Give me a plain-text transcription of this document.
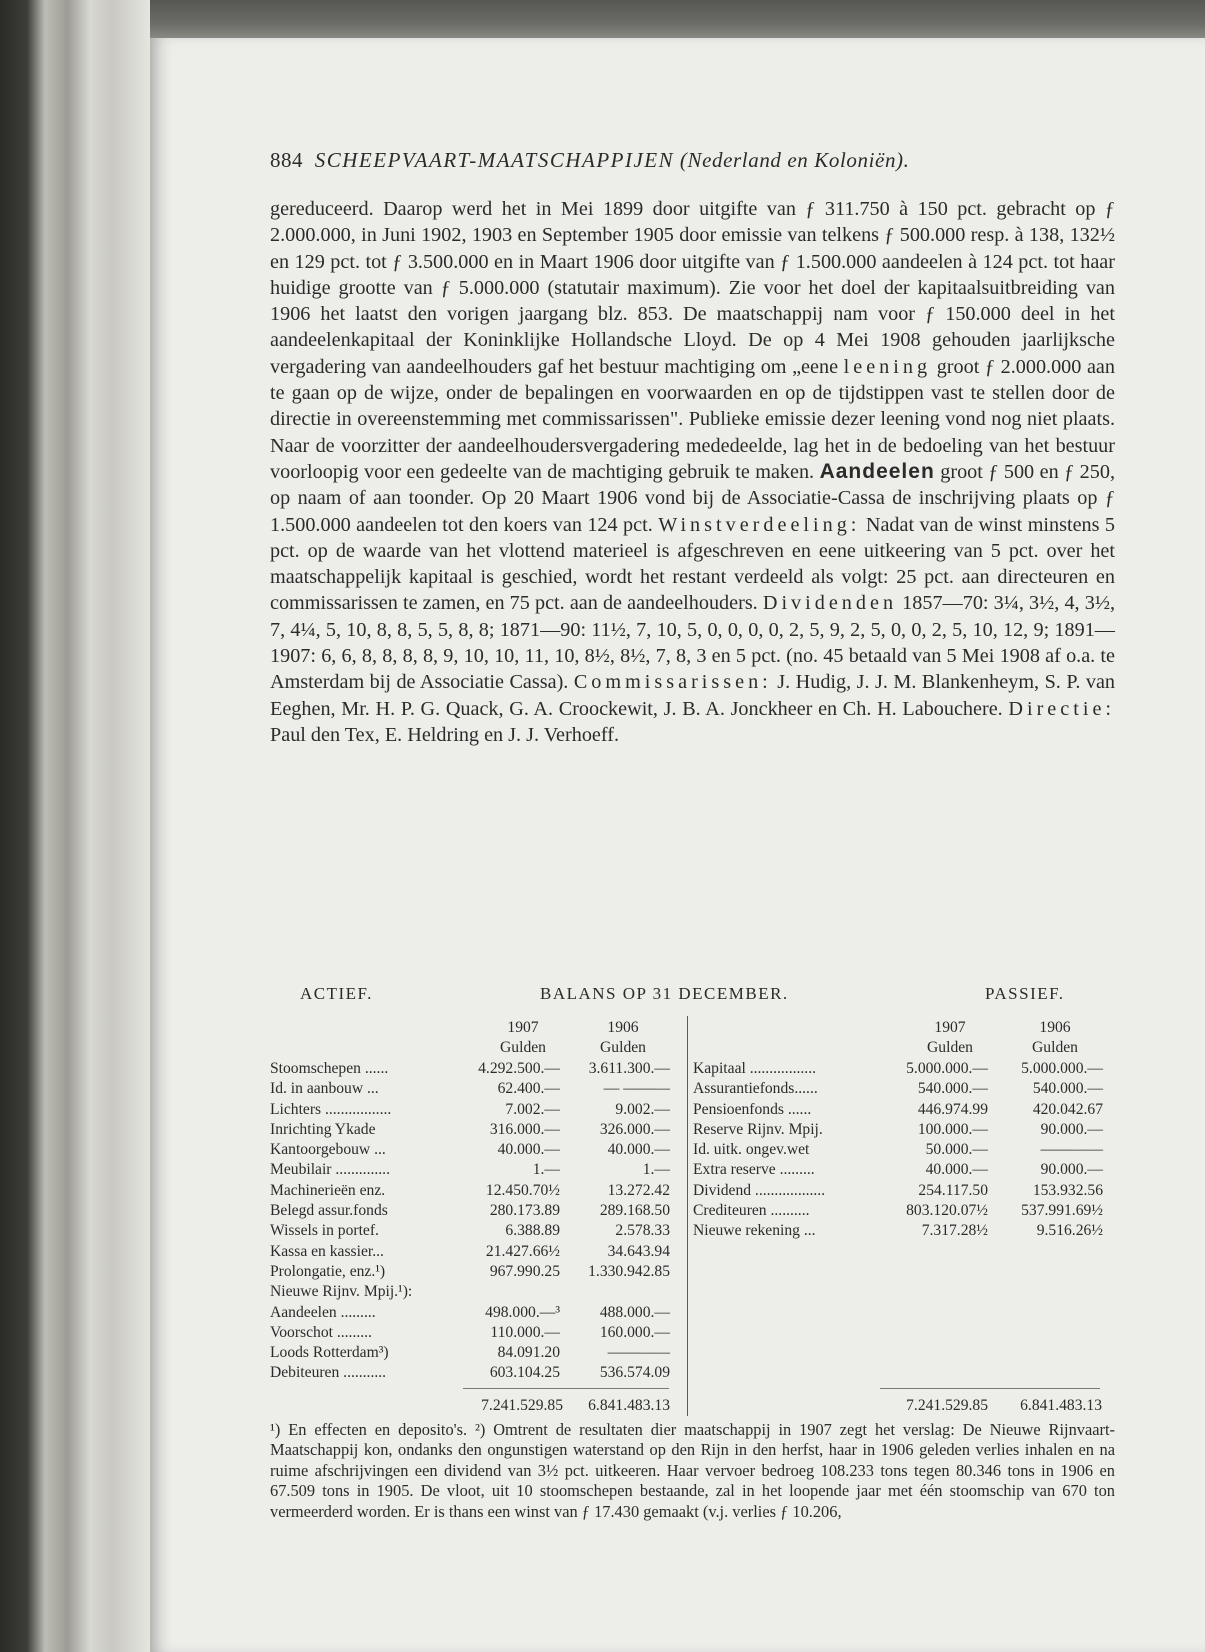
884 SCHEEPVAART-MAATSCHAPPIJEN (Nederland en Koloniën).

gereduceerd. Daarop werd het in Mei 1899 door uitgifte van ƒ 311.750 à 150 pct. gebracht op ƒ 2.000.000, in Juni 1902, 1903 en September 1905 door emissie van telkens ƒ 500.000 resp. à 138, 132½ en 129 pct. tot ƒ 3.500.000 en in Maart 1906 door uitgifte van ƒ 1.500.000 aandeelen à 124 pct. tot haar huidige grootte van ƒ 5.000.000 (statutair maximum). Zie voor het doel der kapitaalsuitbreiding van 1906 het laatst den vorigen jaargang blz. 853. De maatschappij nam voor ƒ 150.000 deel in het aandeelenkapitaal der Koninklijke Hollandsche Lloyd. De op 4 Mei 1908 gehouden jaarlijksche vergadering van aandeelhouders gaf het bestuur machtiging om „eene leening groot ƒ 2.000.000 aan te gaan op de wijze, onder de bepalingen en voorwaarden en op de tijdstippen vast te stellen door de directie in overeenstemming met commissarissen". Publieke emissie dezer leening vond nog niet plaats. Naar de voorzitter der aandeelhoudersvergadering mededeelde, lag het in de bedoeling van het bestuur voorloopig voor een gedeelte van de machtiging gebruik te maken. Aandeelen groot ƒ 500 en ƒ 250, op naam of aan toonder. Op 20 Maart 1906 vond bij de Associatie-Cassa de inschrijving plaats op ƒ 1.500.000 aandeelen tot den koers van 124 pct. Winstverdeeling: Nadat van de winst minstens 5 pct. op de waarde van het vlottend materieel is afgeschreven en eene uitkeering van 5 pct. over het maatschappelijk kapitaal is geschied, wordt het restant verdeeld als volgt: 25 pct. aan directeuren en commissarissen te zamen, en 75 pct. aan de aandeelhouders. Dividenden 1857—70: 3¼, 3½, 4, 3½, 7, 4¼, 5, 10, 8, 8, 5, 5, 8, 8; 1871—90: 11½, 7, 10, 5, 0, 0, 0, 0, 2, 5, 9, 2, 5, 0, 0, 2, 5, 10, 12, 9; 1891—1907: 6, 6, 8, 8, 8, 8, 9, 10, 10, 11, 10, 8½, 8½, 7, 8, 3 en 5 pct. (no. 45 betaald van 5 Mei 1908 af o.a. te Amsterdam bij de Associatie Cassa). Commissarissen: J. Hudig, J. J. M. Blankenheym, S. P. van Eeghen, Mr. H. P. G. Quack, G. A. Croockewit, J. B. A. Jonckheer en Ch. H. Labouchere. Directie: Paul den Tex, E. Heldring en J. J. Verhoeff.

ACTIEF.	BALANS OP 31 DECEMBER.	PASSIEF.
1907	1906
Gulden	Gulden
1907	1906
Gulden	Gulden
Stoomschepen ......	4.292.500.— 3.611.300.—
Id. in aanbouw ...	62.400.—	— ———
Lichters .................	7.002.—	9.002.—
Inrichting Ykade	316.000.—	326.000.—
Kantoorgebouw ...	40.000.—	40.000.—
Meubilair ..............	1.—	1.—
Machinerieën enz.	12.450.70½	13.272.42
Belegd assur.fonds	280.173.89	289.168.50
Wissels in portef.	6.388.89	2.578.33
Kassa en kassier...	21.427.66½	34.643.94
Prolongatie, enz.¹)	967.990.25 1.330.942.85
Nieuwe Rijnv. Mpij.¹):
Aandeelen .........	498.000.—³	488.000.—
Voorschot .........	110.000.—	160.000.—
Loods Rotterdam³)	84.091.20	————
Debiteuren ...........	603.104.25	536.574.09
Kapitaal .................	5.000.000.— 5.000.000.—
Assurantiefonds......	540.000.—	540.000.—
Pensioenfonds ......	446.974.99	420.042.67
Reserve Rijnv. Mpij.	100.000.—	90.000.—
Id. uitk. ongev.wet	50.000.—	————
Extra reserve .........	40.000.—	90.000.—
Dividend ..................	254.117.50	153.932.56
Crediteuren ..........	803.120.07½ 537.991.69½
Nieuwe rekening ...	7.317.28½	9.516.26½
7.241.529.85	6.841.483.13	7.241.529.85	6.841.483.13

¹) En effecten en deposito's. ²) Omtrent de resultaten dier maatschappij in 1907 zegt het verslag: De Nieuwe Rijnvaart-Maatschappij kon, ondanks den ongunstigen waterstand op den Rijn in den herfst, haar in 1906 geleden verlies inhalen en na ruime afschrijvingen een dividend van 3½ pct. uitkeeren. Haar vervoer bedroeg 108.233 tons tegen 80.346 tons in 1906 en 67.509 tons in 1905. De vloot, uit 10 stoomschepen bestaande, zal in het loopende jaar met één stoomschip van 670 ton vermeerderd worden. Er is thans een winst van ƒ 17.430 gemaakt (v.j. verlies ƒ 10.206,
